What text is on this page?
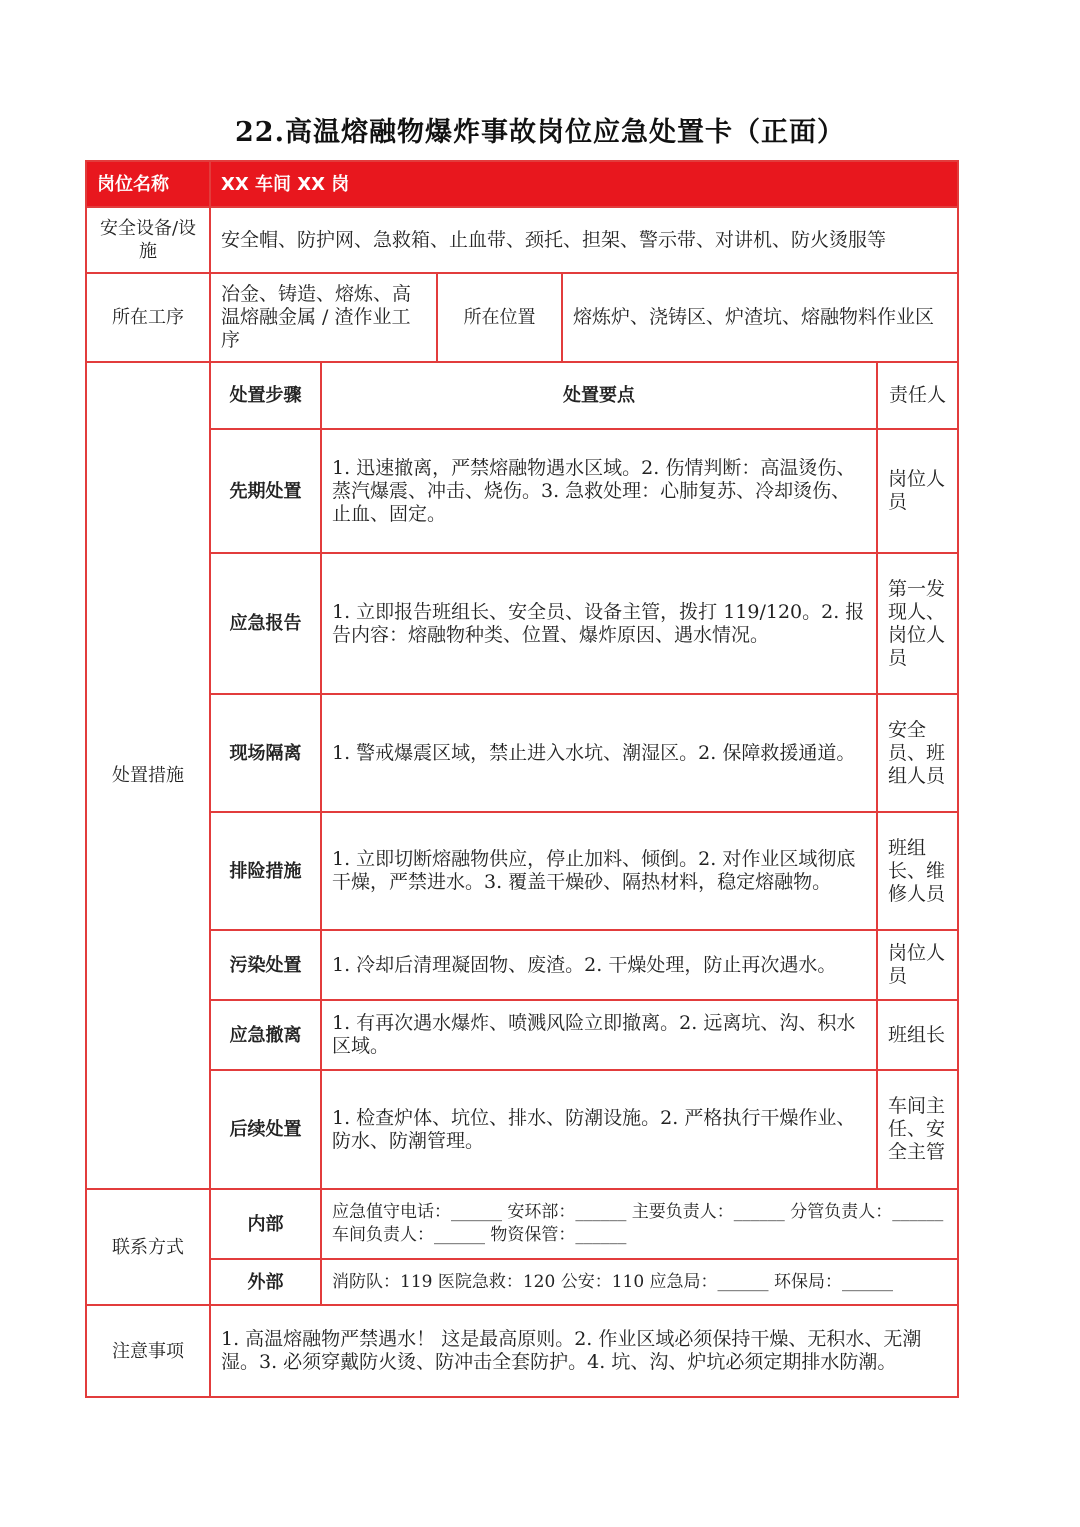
22.高温熔融物爆炸事故岗位应急处置卡（正面）
岗位名称	XX 车间 XX 岗				
安全设备/设施	安全帽、防护网、急救箱、止血带、颈托、担架、警示带、对讲机、防火烫服等				
所在工序	冶金、铸造、熔炼、高温熔融金属 / 渣作业工序		所在位置	熔炼炉、浇铸区、炉渣坑、熔融物料作业区	
处置措施	处置步骤	处置要点			责任人
	先期处置	1. 迅速撤离，严禁熔融物遇水区域。2. 伤情判断：高温烫伤、蒸汽爆震、冲击、烧伤。3. 急救处理：心肺复苏、冷却烫伤、止血、固定。			岗位人员
	应急报告	1. 立即报告班组长、安全员、设备主管，拨打 119/120。2. 报告内容：熔融物种类、位置、爆炸原因、遇水情况。			第一发现人、岗位人员
	现场隔离	1. 警戒爆震区域，禁止进入水坑、潮湿区。2. 保障救援通道。			安全员、班组人员
	排险措施	1. 立即切断熔融物供应，停止加料、倾倒。2. 对作业区域彻底干燥，严禁进水。3. 覆盖干燥砂、隔热材料，稳定熔融物。			班组长、维修人员
	污染处置	1. 冷却后清理凝固物、废渣。2. 干燥处理，防止再次遇水。			岗位人员
	应急撤离	1. 有再次遇水爆炸、喷溅风险立即撤离。2. 远离坑、沟、积水区域。			班组长
	后续处置	1. 检查炉体、坑位、排水、防潮设施。2. 严格执行干燥作业、防水、防潮管理。			车间主任、安全主管
联系方式	内部	应急值守电话：______ 安环部：______ 主要负责人：______ 分管负责人：______ 车间负责人：______ 物资保管：______			
	外部	消防队：119 医院急救：120 公安：110 应急局：______ 环保局：______			
注意事项	1. 高温熔融物严禁遇水！ 这是最高原则。2. 作业区域必须保持干燥、无积水、无潮湿。3. 必须穿戴防火烫、防冲击全套防护。4. 坑、沟、炉坑必须定期排水防潮。				
